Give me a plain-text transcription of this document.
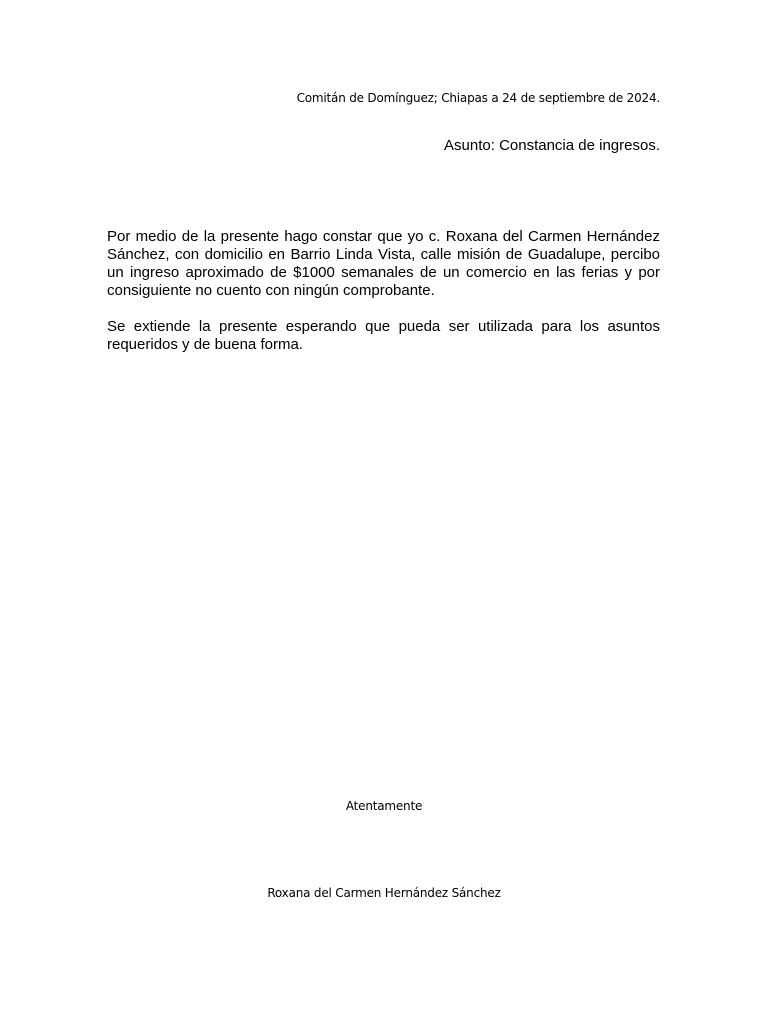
Comitán de Domínguez; Chiapas a 24 de septiembre de 2024.
Asunto: Constancia de ingresos.

Por medio de la presente hago constar que yo c. Roxana del Carmen Hernández Sánchez, con domicilio en Barrio Linda Vista, calle misión de Guadalupe, percibo un ingreso aproximado de $1000 semanales de un comercio en las ferias y por consiguiente no cuento con ningún comprobante.

Se extiende la presente esperando que pueda ser utilizada para los asuntos requeridos y de buena forma.

Atentamente
Roxana del Carmen Hernández Sánchez
